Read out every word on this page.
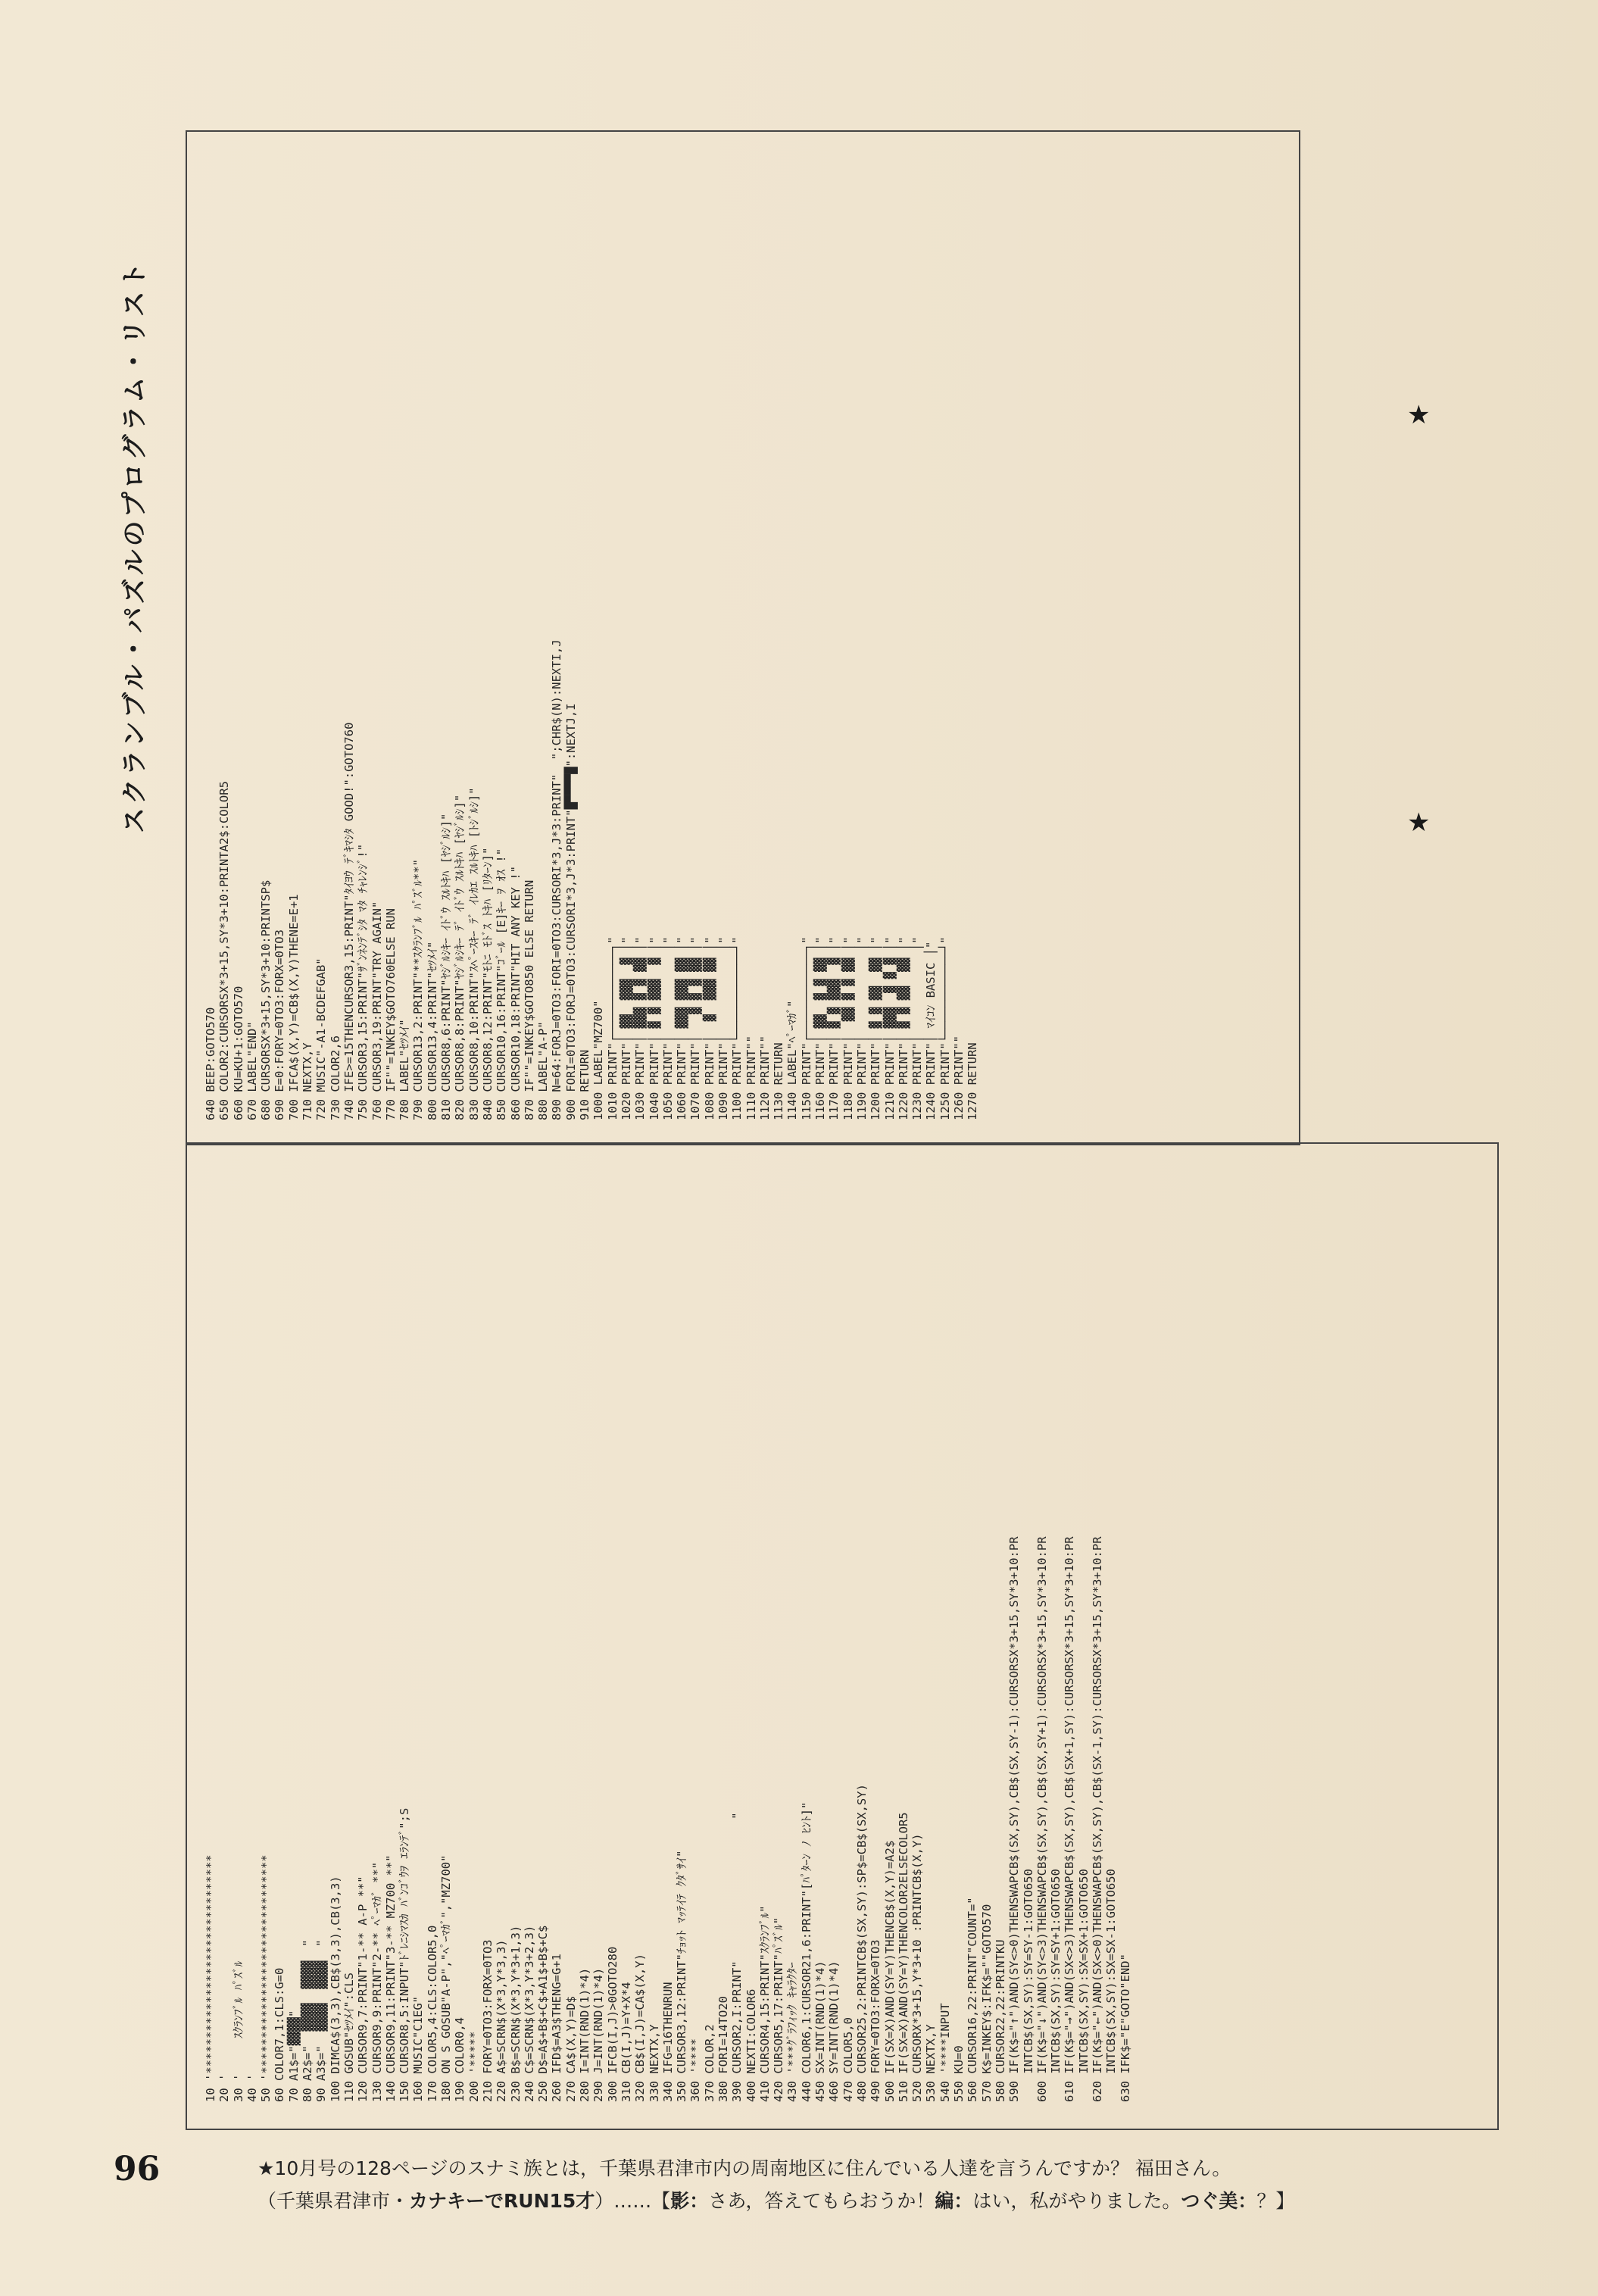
スクランブル・パズルのプログラム・リスト
640 BEEP:GOTO570 650 COLOR2:CURSORSX*3+15,SY*3+10:PRINTA2$:COLOR5 660 KU=KU+1:GOTO570 670 LABEL"END" 680 CURSORSX*3+15,SY*3+10:PRINTSP$ 690 E=0:FORY=0TO3:FORX=0TO3 700 IFCA$(X,Y)=CB$(X,Y)THENE=E+1 710 NEXTX,Y 720 MUSIC"-A1-BCDEFGAB" 730 COLOR2,6 740 IFE>=15THENCURSOR3,15:PRINT"ﾀｲﾖｳ ﾃﾞｷﾏｼﾀ GOOD!":GOTO760 750 CURSOR3,15:PRINT"ｻﾞﾝﾈﾝﾃﾞｼﾀ ﾏﾀ ﾁｬﾚﾝｼﾞ!" 760 CURSOR3,19:PRINT"TRY AGAIN" 770 IF""=INKEY$GOTO760ELSE RUN 780 LABEL"ｾﾂﾒｲ" 790 CURSOR13,2:PRINT"**ｽｸﾗﾝﾌﾞﾙ ﾊﾟｽﾞﾙ**" 800 CURSOR13,4:PRINT"ｾﾂﾒｲ" 810 CURSOR8,6:PRINT"ﾔｼﾞﾙｼｷｰ ｲﾄﾞｳ ｽﾙﾄｷﾊ [ﾔｼﾞﾙｼ]" 820 CURSOR8,8:PRINT"ﾔｼﾞﾙｼｷｰ ﾃﾞ ｲﾄﾞｳ ｽﾙﾄｷﾊ [ﾔｼﾞﾙｼ]" 830 CURSOR8,10:PRINT"ｽﾍﾟｰｽｷｰ ﾃﾞ ｲﾚｶｴ ｽﾙﾄｷﾊ [ﾄｼﾞﾙｼ]" 840 CURSOR8,12:PRINT"ﾓﾄﾆ ﾓﾄﾞｽ ﾄｷﾊ [ﾘﾀｰﾝ]" 850 CURSOR10,16:PRINT"ｺﾞｰﾙ [E]ｷｰ ｦ ｵｽ !" 860 CURSOR10,18:PRINT"HIT ANY KEY !" 870 IF""=INKEY$GOTO850 ELSE RETURN 880 LABEL"A-P" 890 N=64:FORJ=0TO3:FORI=0TO3:CURSORI*3,J*3:PRINT"  ";CHR$(N):NEXTI,J 900 FORI=0TO3:FORJ=0TO3:CURSORI*3,J*3:PRINT"█▀▀▀▀█":NEXTJ,I 910 RETURN 1000 LABEL"MZ700" 1010 PRINT"┌────────────┐" 1020 PRINT"│ ▓▓  ▓▓▓  ▓ │" 1030 PRINT"│ ▓▓▓ ▓ ▓ ▓▓ │" 1040 PRINT"│ ▓ ▓ ▓▓▓  ▓ │" 1050 PRINT"│            │" 1060 PRINT"│ ▓▓▓ ▓▓▓ ▓▓ │" 1070 PRINT"│   ▓ ▓ ▓ ▓▓ │" 1080 PRINT"│  ▓  ▓▓▓ ▓▓ │" 1090 PRINT"│            │" 1100 PRINT"└────────────┘" 1110 PRINT"" 1120 PRINT"" 1130 RETURN 1140 LABEL"ﾍﾟｰﾏｶﾞ" 1150 PRINT"┌────────────┐" 1160 PRINT"│ ▓▓  ▓ ▓ ▓▓ │" 1170 PRINT"│ ▓ ▓ ▓▓▓  ▓ │" 1180 PRINT"│  ▓▓ ▓ ▓ ▓▓ │" 1190 PRINT"│            │" 1200 PRINT"│ ▓ ▓ ▓▓  ▓▓ │" 1210 PRINT"│ ▓▓▓  ▓ ▓ ▓ │" 1220 PRINT"│ ▓ ▓ ▓▓  ▓▓ │" 1230 PRINT"│            │" 1240 PRINT"│ ﾏｲｺﾝ BASIC │" 1250 PRINT"└────────────┘" 1260 PRINT"" 1270 RETURN
10 '******************************* 20 ' 30 '     ｽｸﾗﾝﾌﾞﾙ ﾊﾟｽﾞﾙ 40 ' 50 '******************************* 60 COLOR7,1:CLS:G=0 70 A1$="▓▓▓▓" 80 A2$="  ▓▓▓▓  ▓▓▓▓  " 90 A3$="  ▓▓▓▓  ▓▓▓▓  " 100 DIMCA$(3,3),CB$(3,3),CB(3,3) 110 GOSUB"ｾﾂﾒｲ":CLS 120 CURSOR9,7:PRINT"1-** A-P **" 130 CURSOR9,9:PRINT"2-** ﾍﾟｰﾏｶﾞ **" 140 CURSOR9,11:PRINT"3-** MZ700 **" 150 CURSOR8,5:INPUT"ﾄﾞﾚﾆｼﾏｽｶ ﾊﾞﾝｺﾞｳｦ ｴﾗﾝﾃﾞ";S 160 MUSIC"C1EG" 170 COLOR5,4:CLS:COLOR5,0 180 ON S GOSUB"A-P","ﾍﾟｰﾏｶﾞ","MZ700" 190 COLOR0,4 200 '***** 210 FORY=0TO3:FORX=0TO3 220 A$=SCRN$(X*3,Y*3,3) 230 B$=SCRN$(X*3,Y*3+1,3) 240 C$=SCRN$(X*3,Y*3+2,3) 250 D$=A$+B$+C$+A1$+B$+C$ 260 IFD$=A3$THENG=G+1 270 CA$(X,Y)=D$ 280 I=INT(RND(1)*4) 290 J=INT(RND(1)*4) 300 IFCB(I,J)>0GOTO280 310 CB(I,J)=Y+X*4 320 CB$(I,J)=CA$(X,Y) 330 NEXTX,Y 340 IFG=16THENRUN 350 CURSOR3,12:PRINT"ﾁｮｯﾄ ﾏｯﾃｲﾃ ｸﾀﾞｻｲ" 360 '**** 370 COLOR,2 380 FORI=14TO20 390 CURSOR2,I:PRINT"                    " 400 NEXTI:COLOR6 410 CURSOR4,15:PRINT"ｽｸﾗﾝﾌﾞﾙ" 420 CURSOR5,17:PRINT"ﾊﾟｽﾞﾙ" 430 '***ｸﾞﾗﾌｨｯｸ ｷｬﾗｸﾀｰ 440 COLOR6,1:CURSOR21,6:PRINT"[ﾊﾟﾀｰﾝ ﾉ ﾋﾝﾄ]" 450 SX=INT(RND(1)*4) 460 SY=INT(RND(1)*4) 470 COLOR5,0 480 CURSOR25,2:PRINTCB$(SX,SY):SP$=CB$(SX,SY) 490 FORY=0TO3:FORX=0TO3 500 IF(SX=X)AND(SY=Y)THENCB$(X,Y)=A2$ 510 IF(SX=X)AND(SY=Y)THENCOLOR2ELSECOLOR5 520 CURSORX*3+15,Y*3+10 :PRINTCB$(X,Y) 530 NEXTX,Y 540 '****INPUT 550 KU=0 560 CURSOR16,22:PRINT"COUNT=" 570 K$=INKEY$:IFK$=""GOTO570 580 CURSOR22,22:PRINTKU 590 IF(K$="↑")AND(SY<>0)THENSWAPCB$(SX,SY),CB$(SX,SY-1):CURSORSX*3+15,SY*3+10:PR INTCB$(SX,SY):SY=SY-1:GOTO650 600 IF(K$="↓")AND(SY<>3)THENSWAPCB$(SX,SY),CB$(SX,SY+1):CURSORSX*3+15,SY*3+10:PR INTCB$(SX,SY):SY=SY+1:GOTO650 610 IF(K$="→")AND(SX<>3)THENSWAPCB$(SX,SY),CB$(SX+1,SY):CURSORSX*3+15,SY*3+10:PR INTCB$(SX,SY):SX=SX+1:GOTO650 620 IF(K$="←")AND(SX<>0)THENSWAPCB$(SX,SY),CB$(SX-1,SY):CURSORSX*3+15,SY*3+10:PR INTCB$(SX,SY):SX=SX-1:GOTO650 630 IFK$="E"GOTO"END"
★
★
96	★10月号の128ページのスナミ族とは，千葉県君津市内の周南地区に住んでいる人達を言うんですか？ 福田さん。
（千葉県君津市・カナキーでRUN15才）……【影：さあ，答えてもらおうか！編：はい，私がやりました。つぐ美：？】
